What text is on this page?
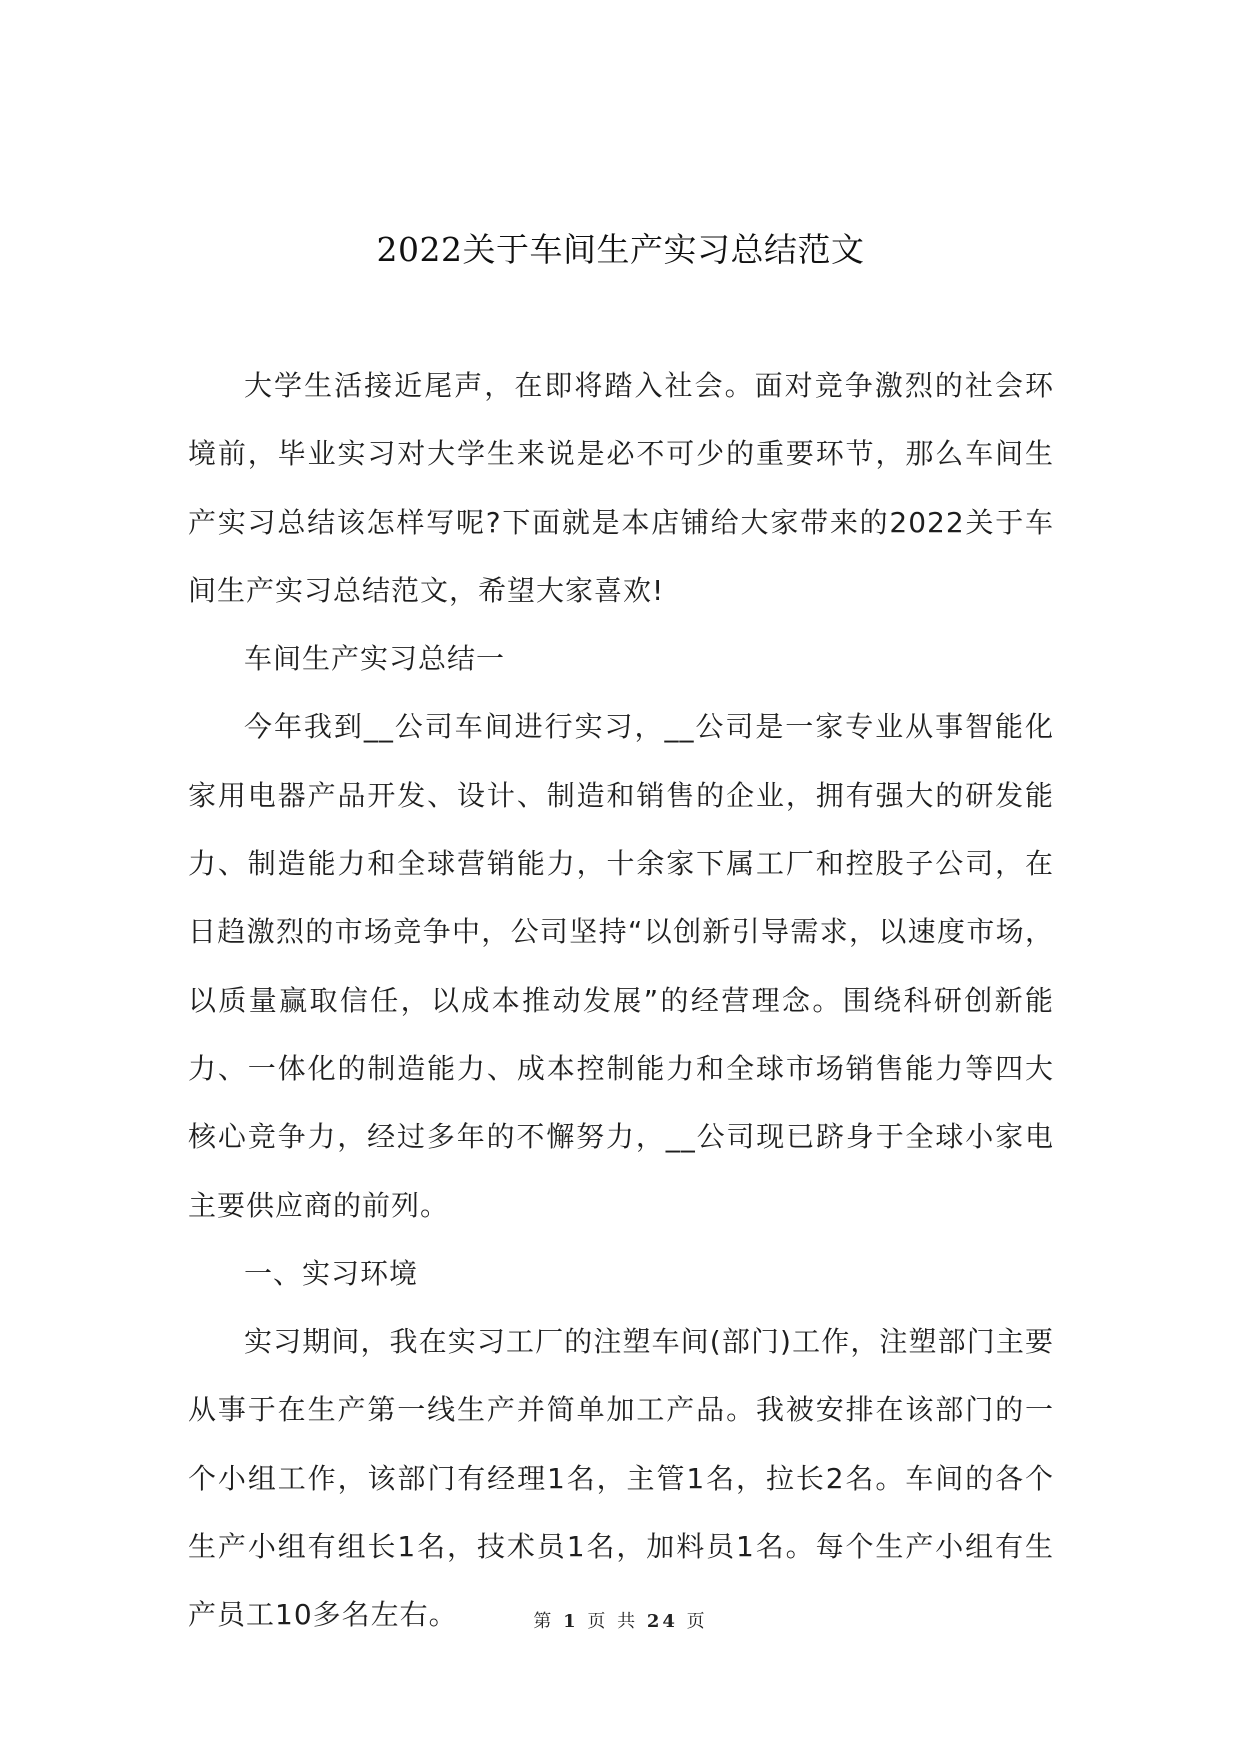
2022关于车间生产实习总结范文

大学生活接近尾声，在即将踏入社会。面对竞争激烈的社会环境前，毕业实习对大学生来说是必不可少的重要环节，那么车间生产实习总结该怎样写呢?下面就是本店铺给大家带来的2022关于车间生产实习总结范文，希望大家喜欢!

车间生产实习总结一

今年我到__公司车间进行实习，__公司是一家专业从事智能化家用电器产品开发、设计、制造和销售的企业，拥有强大的研发能力、制造能力和全球营销能力，十余家下属工厂和控股子公司，在日趋激烈的市场竞争中，公司坚持“以创新引导需求，以速度市场，以质量赢取信任，以成本推动发展”的经营理念。围绕科研创新能力、一体化的制造能力、成本控制能力和全球市场销售能力等四大核心竞争力，经过多年的不懈努力，__公司现已跻身于全球小家电主要供应商的前列。

一、实习环境

实习期间，我在实习工厂的注塑车间(部门)工作，注塑部门主要从事于在生产第一线生产并简单加工产品。我被安排在该部门的一个小组工作，该部门有经理1名，主管1名，拉长2名。车间的各个生产小组有组长1名，技术员1名，加料员1名。每个生产小组有生产员工10多名左右。	第 1 页 共 24 页
